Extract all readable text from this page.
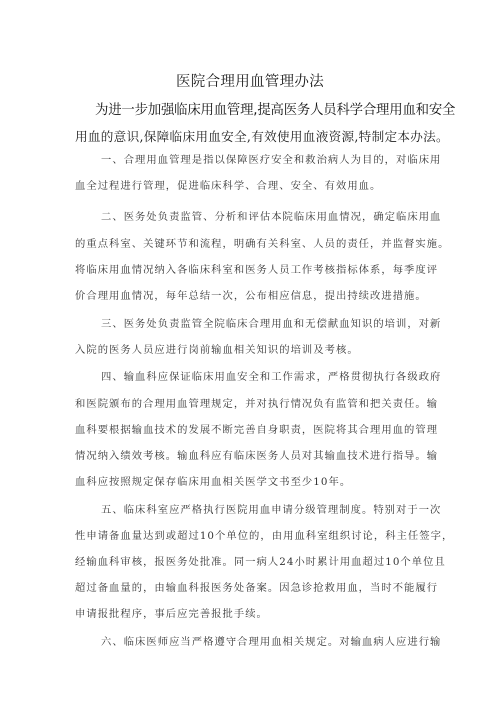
医院合理用血管理办法
为进一步加强临床用血管理,提高医务人员科学合理用血和安全
用血的意识,保障临床用血安全,有效使用血液资源,特制定本办法。
一、合理用血管理是指以保障医疗安全和救治病人为目的，对临床用
血全过程进行管理，促进临床科学、合理、安全、有效用血。
二、医务处负责监管、分析和评估本院临床用血情况，确定临床用血
的重点科室、关键环节和流程，明确有关科室、人员的责任，并监督实施。
将临床用血情况纳入各临床科室和医务人员工作考核指标体系，每季度评
价合理用血情况，每年总结一次，公布相应信息，提出持续改进措施。
三、医务处负责监管全院临床合理用血和无偿献血知识的培训，对新
入院的医务人员应进行岗前输血相关知识的培训及考核。
四、输血科应保证临床用血安全和工作需求，严格贯彻执行各级政府
和医院颁布的合理用血管理规定，并对执行情况负有监管和把关责任。输
血科要根据输血技术的发展不断完善自身职责，医院将其合理用血的管理
情况纳入绩效考核。输血科应有临床医务人员对其输血技术进行指导。输
血科应按照规定保存临床用血相关医学文书至少10年。
五、临床科室应严格执行医院用血申请分级管理制度。特别对于一次
性申请备血量达到或超过10个单位的，由用血科室组织讨论，科主任签字，
经输血科审核，报医务处批准。同一病人24小时累计用血超过10个单位且
超过备血量的，由输血科报医务处备案。因急诊抢救用血，当时不能履行
申请报批程序，事后应完善报批手续。
六、临床医师应当严格遵守合理用血相关规定。对输血病人应进行输
